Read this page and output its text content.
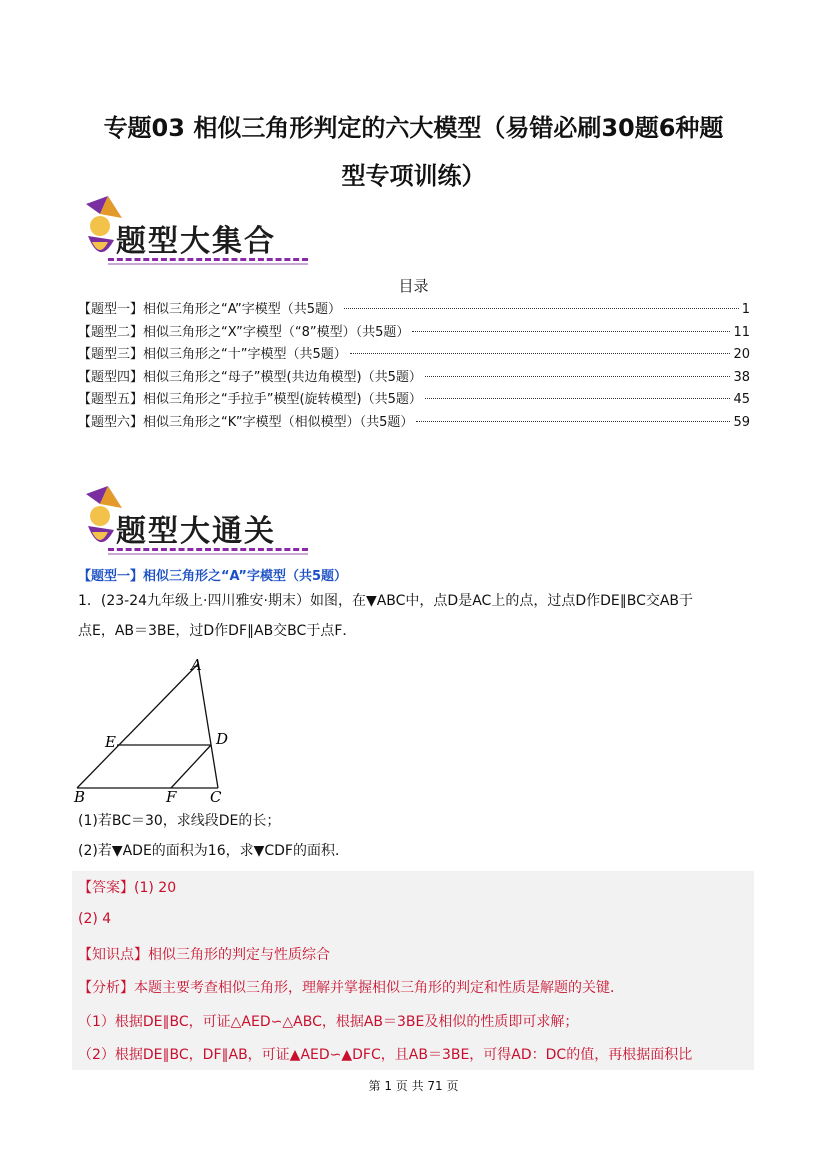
专题03 相似三角形判定的六大模型（易错必刷30题6种题
型专项训练）
题型大集合
目录
【题型一】相似三角形之“A”字模型（共5题）	1
【题型二】相似三角形之“X”字模型（“8”模型）（共5题）	11
【题型三】相似三角形之“十”字模型（共5题）	20
【题型四】相似三角形之“母子”模型(共边角模型)（共5题）	38
【题型五】相似三角形之“手拉手”模型(旋转模型)（共5题）	45
【题型六】相似三角形之“K”字模型（相似模型）（共5题）	59
题型大通关
【题型一】相似三角形之“A”字模型（共5题）
1．(23-24九年级上·四川雅安·期末）如图，在▼ABC中，点D是AC上的点，过点D作DE∥BC交AB于
点E，AB＝3BE，过D作DF∥AB交BC于点F．
A
E	D
B	F C
(1)若BC＝30，求线段DE的长；
(2)若▼ADE的面积为16，求▼CDF的面积．
【答案】(1) 20
(2) 4
【知识点】相似三角形的判定与性质综合
【分析】本题主要考查相似三角形，理解并掌握相似三角形的判定和性质是解题的关键．
（1）根据DE∥BC，可证△AED∽△ABC，根据AB＝3BE及相似的性质即可求解；
（2）根据DE∥BC，DF∥AB，可证▲AED∽▲DFC，且AB＝3BE，可得AD：DC的值，再根据面积比
第 1 页 共 71 页
